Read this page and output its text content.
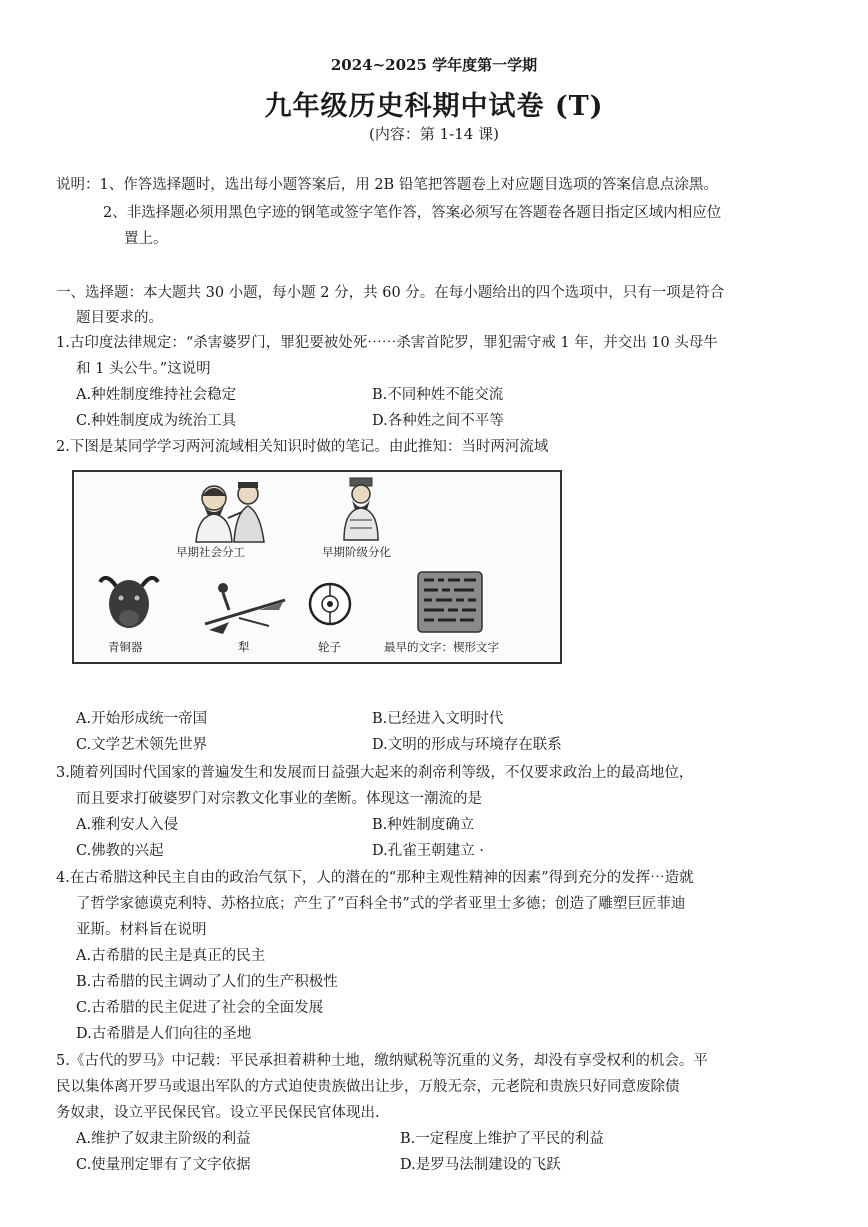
2024~2025 学年度第一学期
九年级历史科期中试卷 (T)
(内容：第 1-14 课)
说明：1、作答选择题时，选出每小题答案后，用 2B 铅笔把答题卷上对应题目选项的答案信息点涂黑。
2、非选择题必须用黑色字迹的钢笔或签字笔作答，答案必须写在答题卷各题目指定区域内相应位
置上。
一、选择题：本大题共 30 小题，每小题 2 分，共 60 分。在每小题给出的四个选项中，只有一项是符合
题目要求的。
1.古印度法律规定：“杀害婆罗门，罪犯要被处死⋯⋯杀害首陀罗，罪犯需守戒 1 年，并交出 10 头母牛
和 1 头公牛。”这说明
A.种姓制度维持社会稳定	B.不同种姓不能交流
C.种姓制度成为统治工具	D.各种姓之间不平等
2.下图是某同学学习两河流域相关知识时做的笔记。由此推知：当时两河流域
早期社会分工	早期阶级分化
青铜器	犁	轮子	最早的文字：楔形文字
A.开始形成统一帝国	B.已经进入文明时代
C.文学艺术领先世界	D.文明的形成与环境存在联系
3.随着列国时代国家的普遍发生和发展而日益强大起来的刹帝利等级，不仅要求政治上的最高地位，
而且要求打破婆罗门对宗教文化事业的垄断。体现这一潮流的是
A.雅利安人入侵	B.种姓制度确立
C.佛教的兴起	D.孔雀王朝建立 ·
4.在古希腊这种民主自由的政治气氛下，人的潜在的“那种主观性精神的因素”得到充分的发挥⋯造就
了哲学家德谟克利特、苏格拉底；产生了“百科全书”式的学者亚里士多德；创造了雕塑巨匠菲迪
亚斯。材料旨在说明
A.古希腊的民主是真正的民主
B.古希腊的民主调动了人们的生产积极性
C.古希腊的民主促进了社会的全面发展
D.古希腊是人们向往的圣地
5.《古代的罗马》中记载：平民承担着耕种土地，缴纳赋税等沉重的义务，却没有享受权利的机会。平
民以集体离开罗马或退出军队的方式迫使贵族做出让步，万般无奈，元老院和贵族只好同意废除债
务奴隶，设立平民保民官。设立平民保民官体现出.
A.维护了奴隶主阶级的利益	B.一定程度上维护了平民的利益
C.使量刑定罪有了文字依据	D.是罗马法制建设的飞跃
